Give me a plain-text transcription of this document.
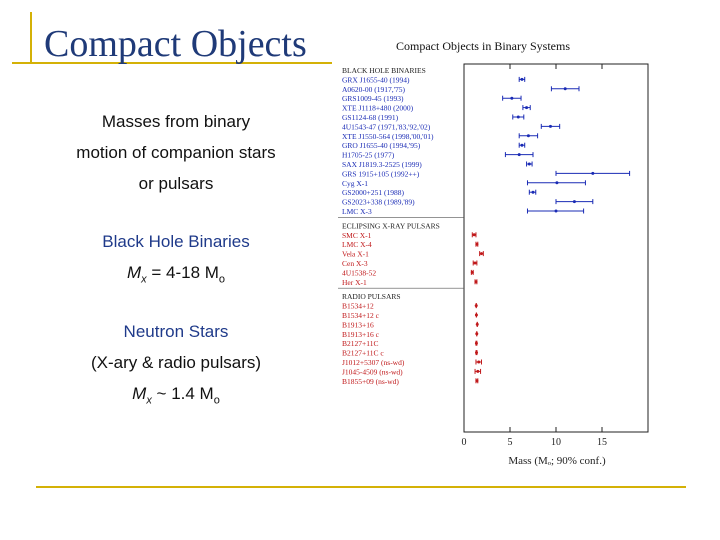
Compact Objects
Masses from binary
motion of companion stars
or pulsars
Black Hole Binaries
$M_x = 4-18$ $M_o$
Neutron Stars
(X-ary & radio pulsars)
$M_x$ ~ 1.4 $M_o$
Compact Objects in Binary Systems
0	5	10	15
Mass (Mₒ; 90% conf.)
BLACK HOLE BINARIES
GRX J1655-40 (1994)
A0620-00 (1917,'75)
GRS1009-45 (1993)
XTE J1118+480 (2000)
GS1124-68 (1991)
4U1543-47 (1971,'83,'92,'02)
XTE J1550-564 (1998,'00,'01)
GRO J1655-40 (1994,'95)
H1705-25 (1977)
SAX J1819.3-2525 (1999)
GRS 1915+105 (1992++)
Cyg X-1
GS2000+251 (1988)
GS2023+338 (1989,'89)
LMC X-3
ECLIPSING X-RAY PULSARS
SMC X-1
LMC X-4
Vela X-1
Cen X-3
4U1538-52
Her X-1
RADIO PULSARS
B1534+12
B1534+12 c
B1913+16
B1913+16 c
B2127+11C
B2127+11C c
J1012+5307 (ns-wd)
J1045-4509 (ns-wd)
B1855+09 (ns-wd)
